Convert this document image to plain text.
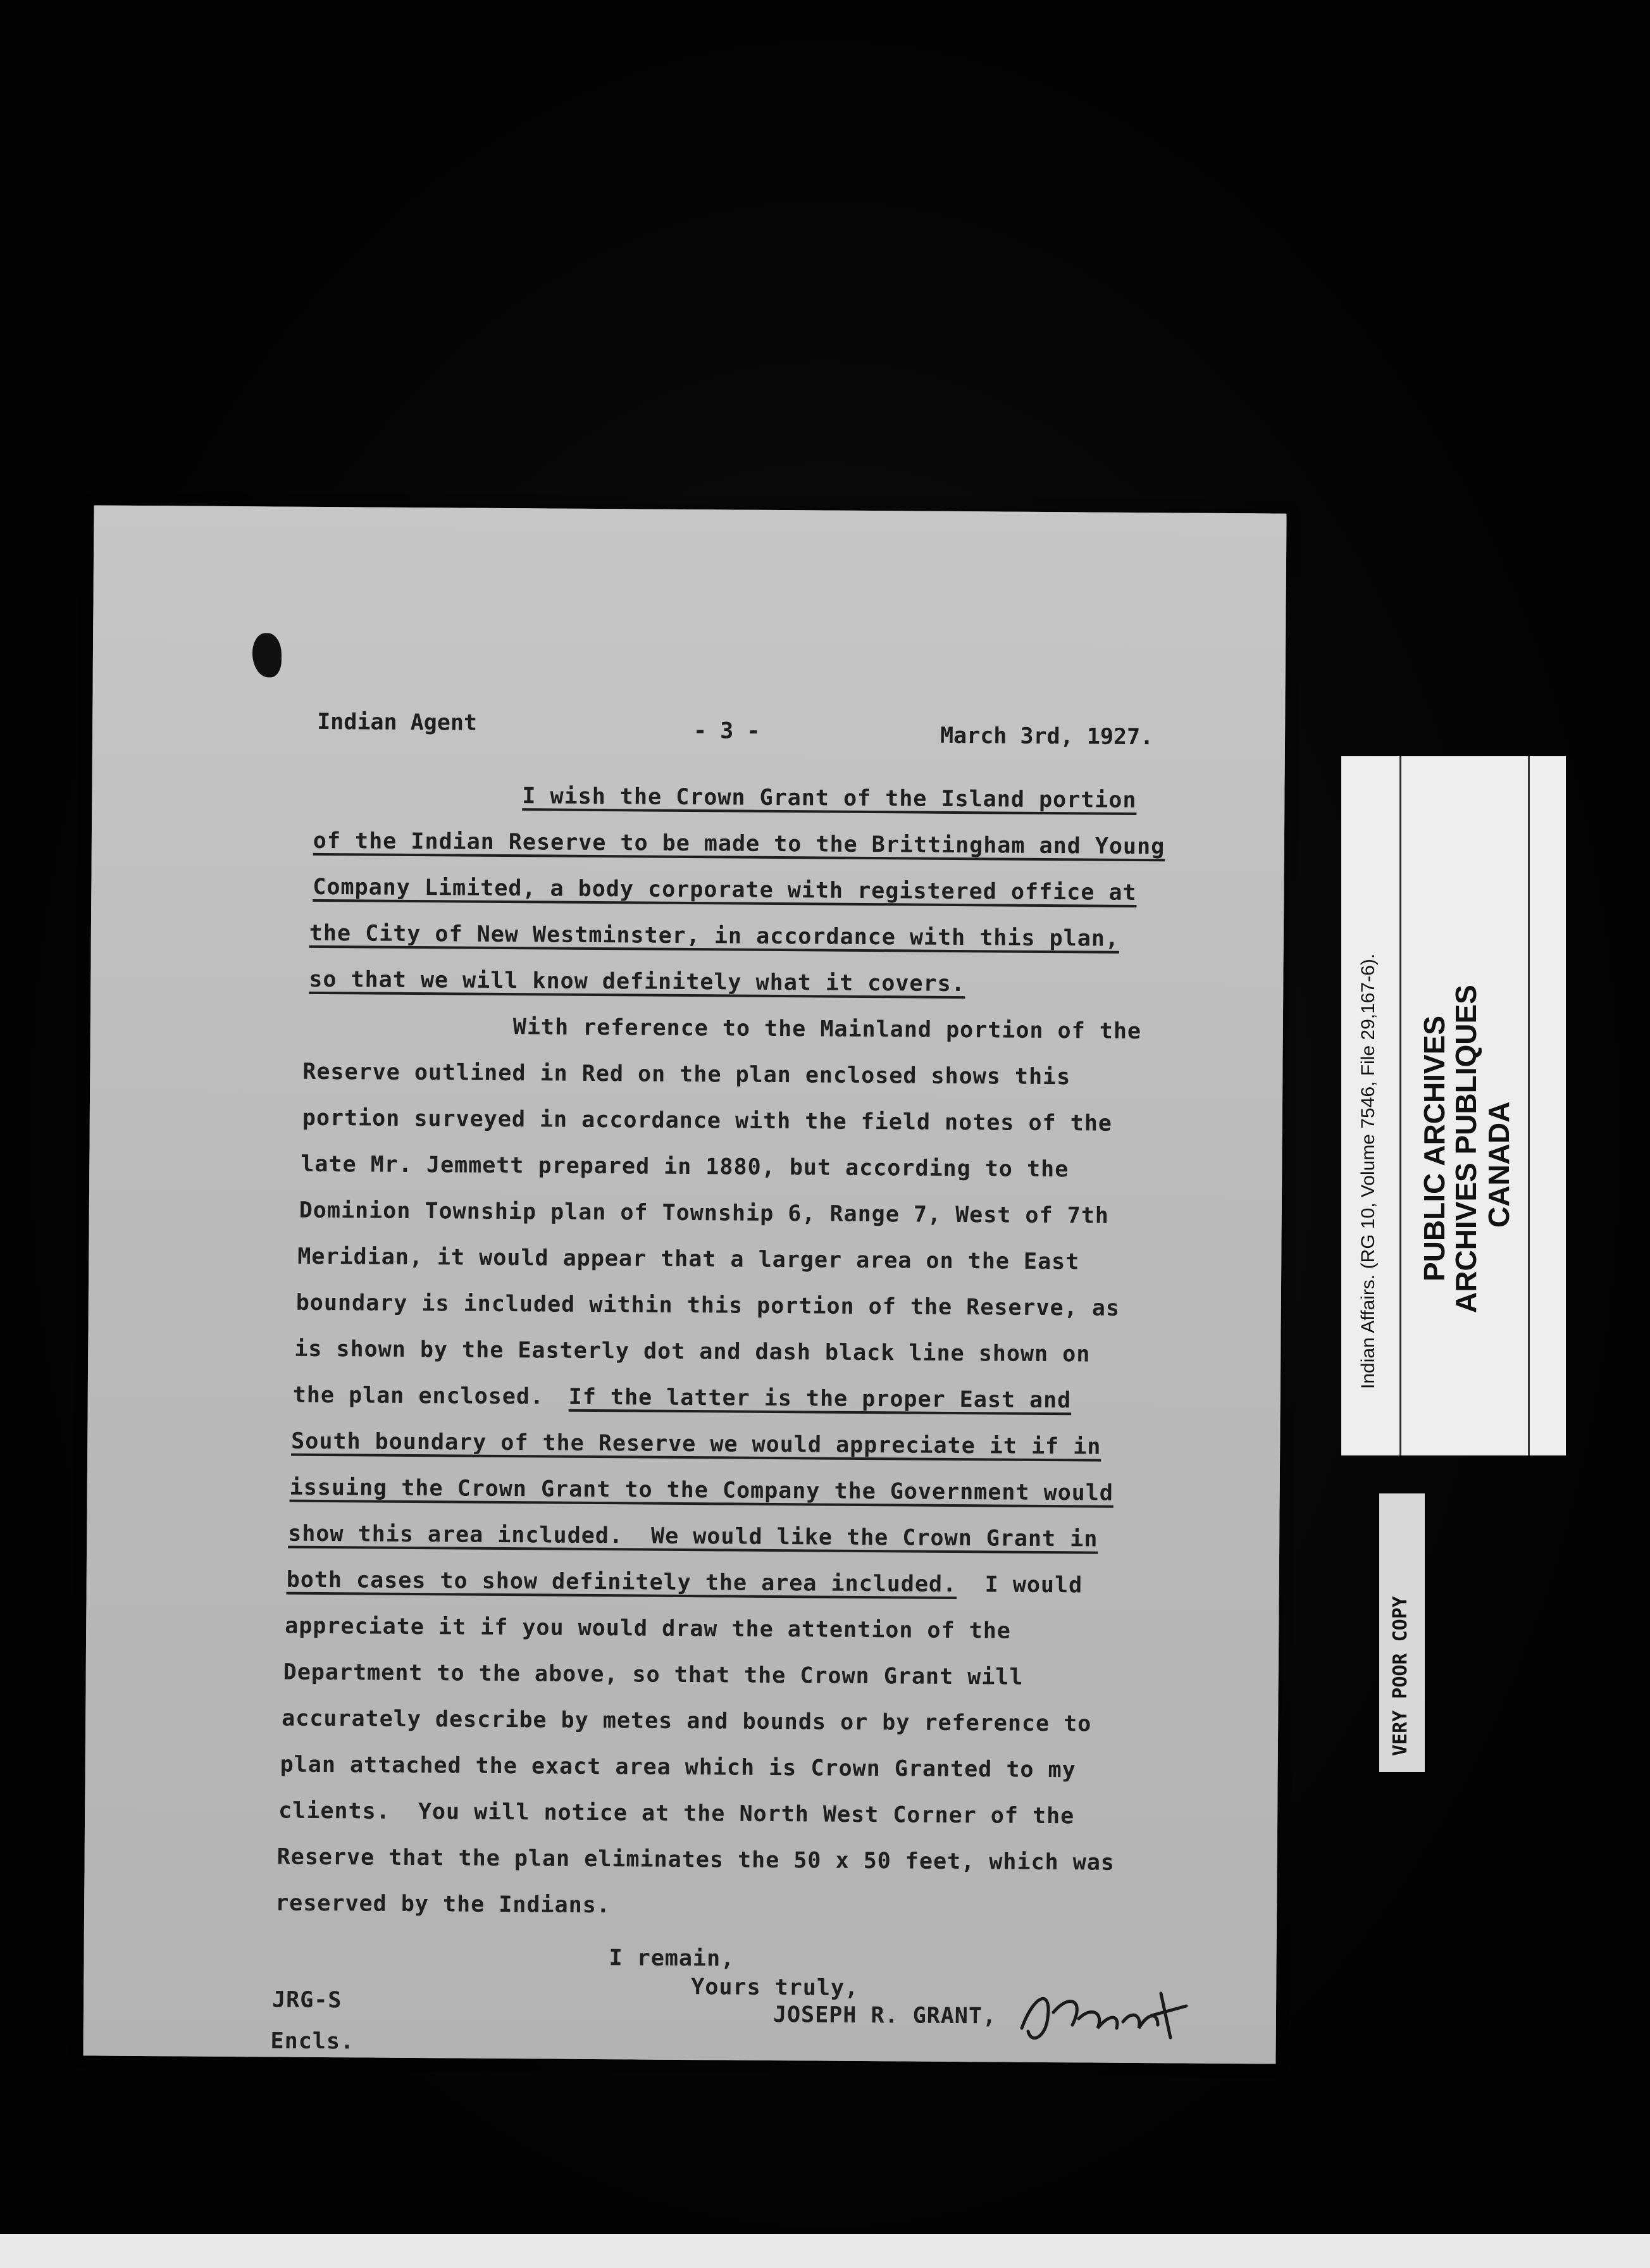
Indian Agent	- 3 -	March 3rd, 1927.
I wish the Crown Grant of the Island portion
of the Indian Reserve to be made to the Brittingham and Young
Company Limited, a body corporate with registered office at
the City of New Westminster, in accordance with this plan,
so that we will know definitely what it covers.
With reference to the Mainland portion of the
Reserve outlined in Red on the plan enclosed shows this
portion surveyed in accordance with the field notes of the
late Mr. Jemmett prepared in 1880, but according to the
Dominion Township plan of Township 6, Range 7, West of 7th
Meridian, it would appear that a larger area on the East
boundary is included within this portion of the Reserve, as
is shown by the Easterly dot and dash black line shown on
the plan enclosed. If the latter is the proper East and
South boundary of the Reserve we would appreciate it if in
issuing the Crown Grant to the Company the Government would
show this area included.  We would like the Crown Grant in
both cases to show definitely the area included. I would
appreciate it if you would draw the attention of the
Department to the above, so that the Crown Grant will
accurately describe by metes and bounds or by reference to
plan attached the exact area which is Crown Granted to my
clients.  You will notice at the North West Corner of the
Reserve that the plan eliminates the 50 x 50 feet, which was
reserved by the Indians.
I remain,
Yours truly,
JOSEPH R. GRANT,
JRG-S
Encls.
Indian Affairs. (RG 10, Volume 7546, File 29,167-6). PUBLIC ARCHIVES
ARCHIVES PUBLIQUES CANADA
VERY POOR COPY
